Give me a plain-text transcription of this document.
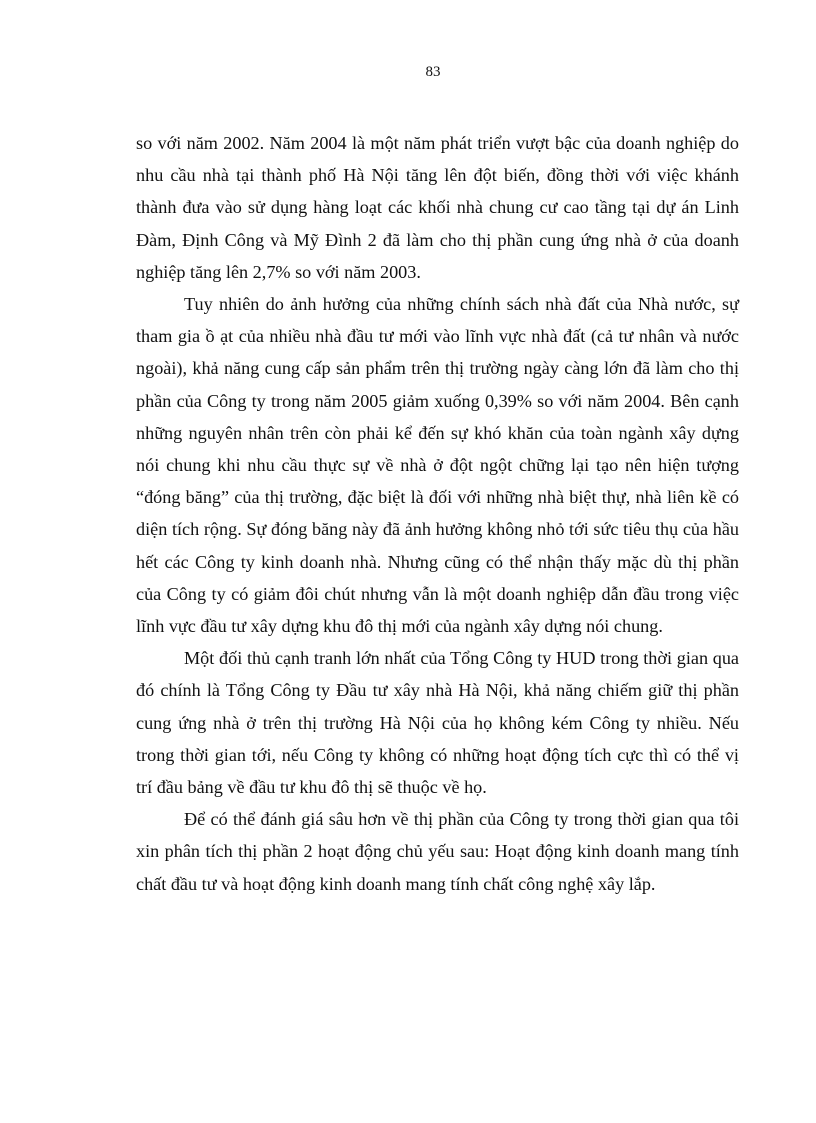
83

so với năm 2002. Năm 2004 là một năm phát triển vượt bậc của doanh nghiệp do nhu cầu nhà tại thành phố Hà Nội tăng lên đột biến, đồng thời với việc khánh thành đưa vào sử dụng hàng loạt các khối nhà chung cư cao tầng tại dự án Linh Đàm, Định Công và Mỹ Đình 2 đã làm cho thị phần cung ứng nhà ở của doanh nghiệp tăng lên 2,7% so với năm 2003.

Tuy nhiên do ảnh hưởng của những chính sách nhà đất của Nhà nước, sự tham gia ồ ạt của nhiều nhà đầu tư mới vào lĩnh vực nhà đất (cả tư nhân và nước ngoài), khả năng cung cấp sản phẩm trên thị trường ngày càng lớn đã làm cho thị phần của Công ty trong năm 2005 giảm xuống 0,39% so với năm 2004. Bên cạnh những nguyên nhân trên còn phải kể đến sự khó khăn của toàn ngành xây dựng nói chung khi nhu cầu thực sự về nhà ở đột ngột chững lại tạo nên hiện tượng “đóng băng” của thị trường, đặc biệt là đối với những nhà biệt thự, nhà liên kề có diện tích rộng. Sự đóng băng này đã ảnh hưởng không nhỏ tới sức tiêu thụ của hầu hết các Công ty kinh doanh nhà. Nhưng cũng có thể nhận thấy mặc dù thị phần của Công ty có giảm đôi chút nhưng vẫn là một doanh nghiệp dẫn đầu trong việc lĩnh vực đầu tư xây dựng khu đô thị mới của ngành xây dựng nói chung.

Một đối thủ cạnh tranh lớn nhất của Tổng Công ty HUD trong thời gian qua đó chính là Tổng Công ty Đầu tư xây nhà Hà Nội, khả năng chiếm giữ thị phần cung ứng nhà ở trên thị trường Hà Nội của họ không kém Công ty nhiều. Nếu trong thời gian tới, nếu Công ty không có những hoạt động tích cực thì có thể vị trí đầu bảng về đầu tư khu đô thị sẽ thuộc về họ.

Để có thể đánh giá sâu hơn về thị phần của Công ty trong thời gian qua tôi xin phân tích thị phần 2 hoạt động chủ yếu sau: Hoạt động kinh doanh mang tính chất đầu tư và hoạt động kinh doanh mang tính chất công nghệ xây lắp.
